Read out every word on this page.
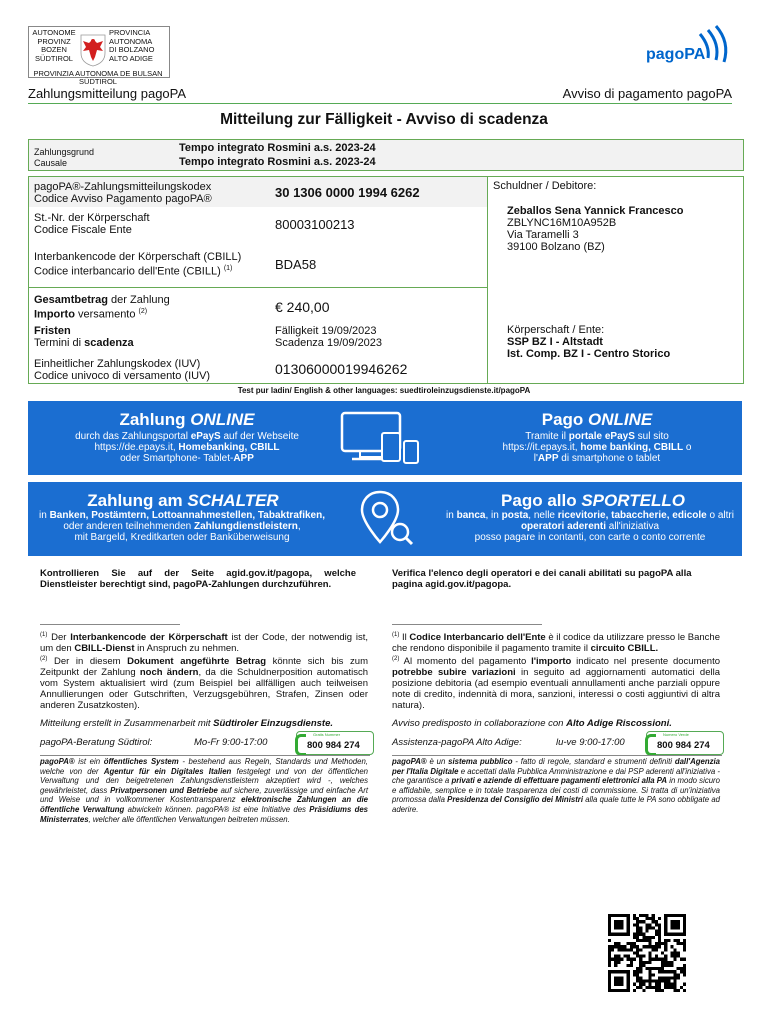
AUTONOME
PROVINZ
BOZEN
SÜDTIROL
PROVINCIA
AUTONOMA
DI BOLZANO
ALTO ADIGE
PROVINZIA AUTONOMA DE BULSAN SÜDTIROL
pagoPA
Zahlungsmitteilung pagoPA	Avviso di pagamento pagoPA
Mitteilung zur Fälligkeit - Avviso di scadenza
Zahlungsgrund
Causale
Tempo integrato Rosmini a.s. 2023-24
Tempo integrato Rosmini a.s. 2023-24
pagoPA®-Zahlungsmitteilungskodex
Codice Avviso Pagamento pagoPA®	30 1306 0000 1994 6262
St.-Nr. der Körperschaft
Codice Fiscale Ente	80003100213
Interbankencode der Körperschaft (CBILL)
Codice interbancario dell'Ente (CBILL) $^{(1)}$	BDA58
Gesamtbetrag der Zahlung
Importo versamento $^{(2)}$	€ 240,00
Fristen
Termini di scadenza
Fälligkeit 19/09/2023
Scadenza 19/09/2023
Einheitlicher Zahlungskodex (IUV)
Codice univoco di versamento (IUV)	01306000019946262
Schuldner / Debitore:
Zeballos Sena Yannick Francesco
ZBLYNC16M10A952B
Via Taramelli 3
39100 Bolzano (BZ)
Körperschaft / Ente:
SSP BZ I - Altstadt
Ist. Comp. BZ I - Centro Storico
Test pur ladin/ English & other languages: suedtiroleinzugsdienste.it/pagoPA
Zahlung ONLINE
durch das Zahlungsportal ePayS auf der Webseite
https://de.epays.it, Homebanking, CBILL
oder Smartphone- Tablet-APP
Pago ONLINE
Tramite il portale ePayS sul sito
https://it.epays.it, home banking, CBILL o
l'APP di smartphone o tablet
Zahlung am SCHALTER
in Banken, Postämtern, Lottoannahmestellen, Tabaktrafiken,
oder anderen teilnehmenden Zahlungdienstleistern,
mit Bargeld, Kreditkarten oder Banküberweisung
Pago allo SPORTELLO
in banca, in posta, nelle ricevitorie, tabaccherie, edicole o altri
operatori aderenti all'iniziativa
posso pagare in contanti, con carte o conto corrente
Kontrollieren Sie auf der Seite agid.gov.it/pagopa, welche Dienstleister berechtigt sind, pagoPA-Zahlungen durchzuführen.
Verifica l'elenco degli operatori e dei canali abilitati su pagoPA alla pagina agid.gov.it/pagopa.
$^{(1)}$ Der Interbankencode der Körperschaft ist der Code, der notwendig ist, um den CBILL-Dienst in Anspruch zu nehmen.
$^{(2)}$ Der in diesem Dokument angeführte Betrag könnte sich bis zum Zeitpunkt der Zahlung noch ändern, da die Schuldnerposition automatisch vom System aktualisiert wird (zum Beispiel bei allfälligen auch teilweisen Annullierungen oder Gutschriften, Verzugsgebühren, Strafen, Zinsen oder anderen Zusatzkosten).
$^{(1)}$ Il Codice Interbancario dell'Ente è il codice da utilizzare presso le Banche che rendono disponibile il pagamento tramite il circuito CBILL.
$^{(2)}$ Al momento del pagamento l'importo indicato nel presente documento potrebbe subire variazioni in seguito ad aggiornamenti automatici della posizione debitoria (ad esempio eventuali annullamenti anche parziali oppure note di credito, indennità di mora, sanzioni, interessi o costi aggiuntivi di altra natura).
Mitteilung erstellt in Zusammenarbeit mit Südtiroler Einzugsdienste.	Avviso predisposto in collaborazione con Alto Adige Riscossioni.
pagoPA-Beratung Südtirol:	Mo-Fr 9:00-17:00
Gratis Nummer
800 984 274	Assistenza-pagoPA Alto Adige:	lu-ve 9:00-17:00
Numero Verde
800 984 274
pagoPA® ist ein öffentliches System - bestehend aus Regeln, Standards und Methoden, welche von der Agentur für ein Digitales Italien festgelegt und von der öffentlichen Verwaltung und den beigetretenen Zahlungsdienstleistern akzeptiert wird -, welches gewährleistet, dass Privatpersonen und Betriebe auf sichere, zuverlässige und einfache Art und Weise und in vollkommener Kostentransparenz elektronische Zahlungen an die öffentliche Verwaltung abwickeln können. pagoPA® ist eine Initiative des Präsidiums des Ministerrates, welcher alle öffentlichen Verwaltungen beitreten müssen.
pagoPA® è un sistema pubblico - fatto di regole, standard e strumenti definiti dall'Agenzia per l'Italia Digitale e accettati dalla Pubblica Amministrazione e dai PSP aderenti all'iniziativa - che garantisce a privati e aziende di effettuare pagamenti elettronici alla PA in modo sicuro e affidabile, semplice e in totale trasparenza dei costi di commissione. Si tratta di un'iniziativa promossa dalla Presidenza del Consiglio dei Ministri alla quale tutte le PA sono obbligate ad aderire.
